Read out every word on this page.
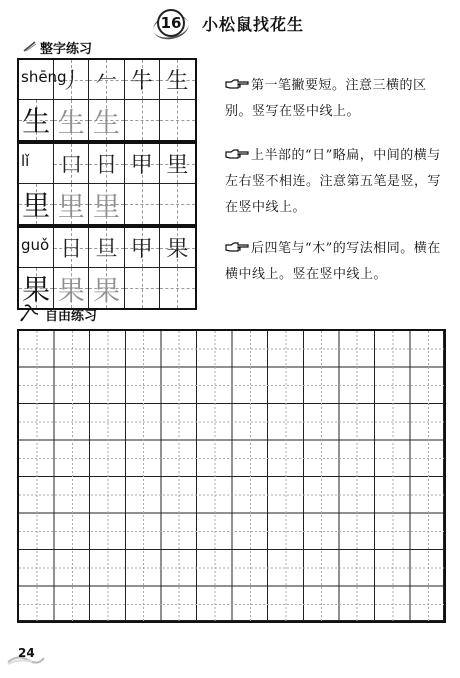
16 小松鼠找花生
整字练习
shēng
丿 𠂉 牛 生
生 生 生
lǐ	口 日 甲 里
里 里 里
guǒ 日 旦 甲 果
果 果 果
第一笔撇要短。注意三横的区别。竖写在竖中线上。
上半部的“日”略扁，中间的横与左右竖不相连。注意第五笔是竖，写在竖中线上。
后四笔与“木”的写法相同。横在横中线上。竖在竖中线上。
自由练习
24
